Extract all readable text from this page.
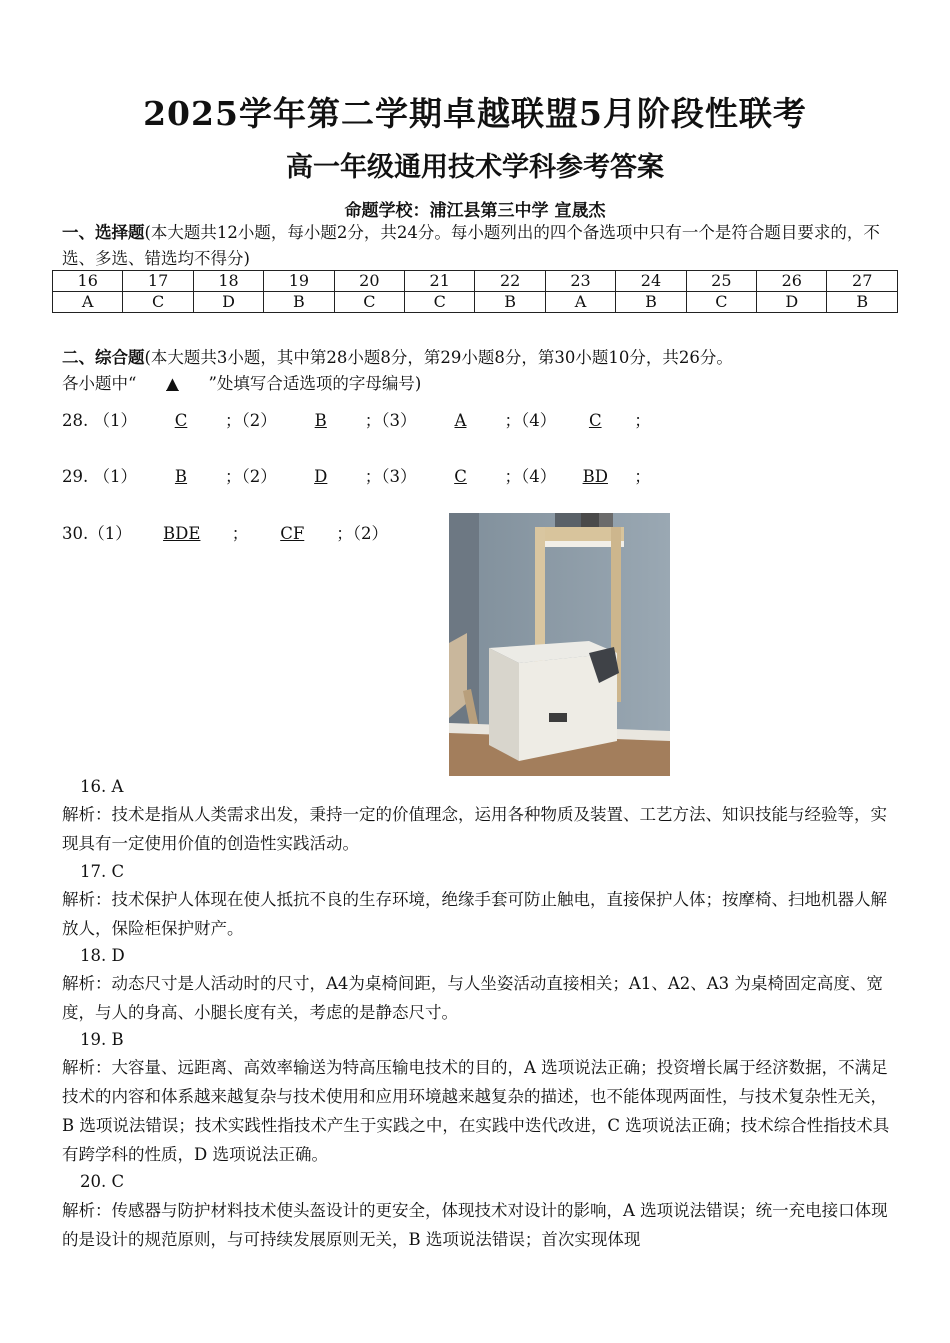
2025学年第二学期卓越联盟5月阶段性联考
高一年级通用技术学科参考答案
命题学校：浦江县第三中学 宣晟杰
一、选择题(本大题共12小题，每小题2分，共24分。每小题列出的四个备选项中只有一个是符合题目要求的，不选、多选、错选均不得分)
16	17	18	19	20	21	22	23	24	25	26	27
A	C	D	B	C	C	B	A	B	C	D	B
二、综合题(本大题共3小题，其中第28小题8分，第29小题8分，第30小题10分，共26分。
各小题中“ ▲ ”处填写合适选项的字母编号)
28. （1） C ；（2） B ；（3） A ；（4） C ；
29. （1） B ；（2） D ；（3） C ；（4） BD ；
30.（1） BDE ； CF ；（2）
16. A
解析：技术是指从人类需求出发，秉持一定的价值理念，运用各种物质及装置、工艺方法、知识技能与经验等，实现具有一定使用价值的创造性实践活动。
17. C
解析：技术保护人体现在使人抵抗不良的生存环境，绝缘手套可防止触电，直接保护人体；按摩椅、扫地机器人解放人，保险柜保护财产。
18. D
解析：动态尺寸是人活动时的尺寸，A4为桌椅间距，与人坐姿活动直接相关；A1、A2、A3 为桌椅固定高度、宽度，与人的身高、小腿长度有关，考虑的是静态尺寸。
19. B
解析：大容量、远距离、高效率输送为特高压输电技术的目的，A 选项说法正确；投资增长属于经济数据，不满足技术的内容和体系越来越复杂与技术使用和应用环境越来越复杂的描述，也不能体现两面性，与技术复杂性无关，B 选项说法错误；技术实践性指技术产生于实践之中，在实践中迭代改进，C 选项说法正确；技术综合性指技术具有跨学科的性质，D 选项说法正确。
20. C
解析：传感器与防护材料技术使头盔设计的更安全，体现技术对设计的影响，A 选项说法错误；统一充电接口体现的是设计的规范原则，与可持续发展原则无关，B 选项说法错误；首次实现体现
